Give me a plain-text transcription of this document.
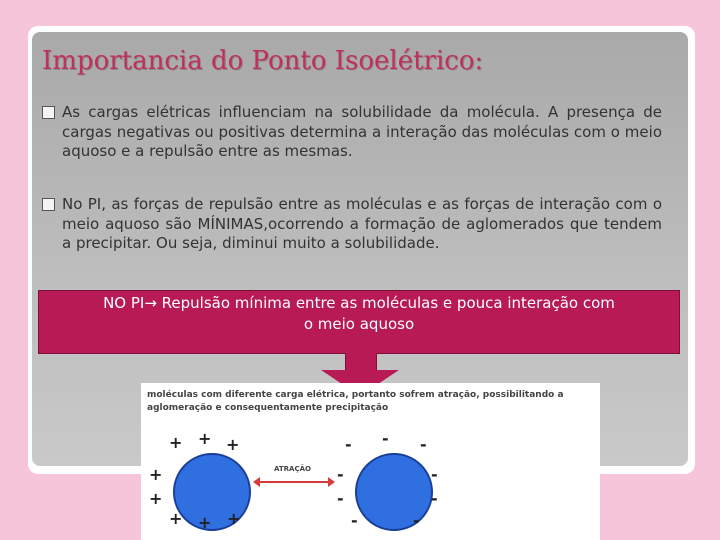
Importancia do Ponto Isoelétrico:
As cargas elétricas influenciam na solubilidade da molécula. A presença de cargas negativas ou positivas determina a interação das moléculas com o meio aquoso e a repulsão entre as mesmas.
No PI, as forças de repulsão entre as moléculas e as forças de interação com o meio aquoso são MÍNIMAS,ocorrendo a formação de aglomerados que tendem a precipitar. Ou seja, diminui muito a solubilidade.
NO PI→ Repulsão mínima entre as moléculas e pouca interação com
o meio aquoso
moléculas com diferente carga elétrica, portanto sofrem atração, possibilitando a aglomeração e consequentamente precipitação
+ + +
+
+
+ + +
ATRAÇÃO
- - -
-
-
-
-
-	-
